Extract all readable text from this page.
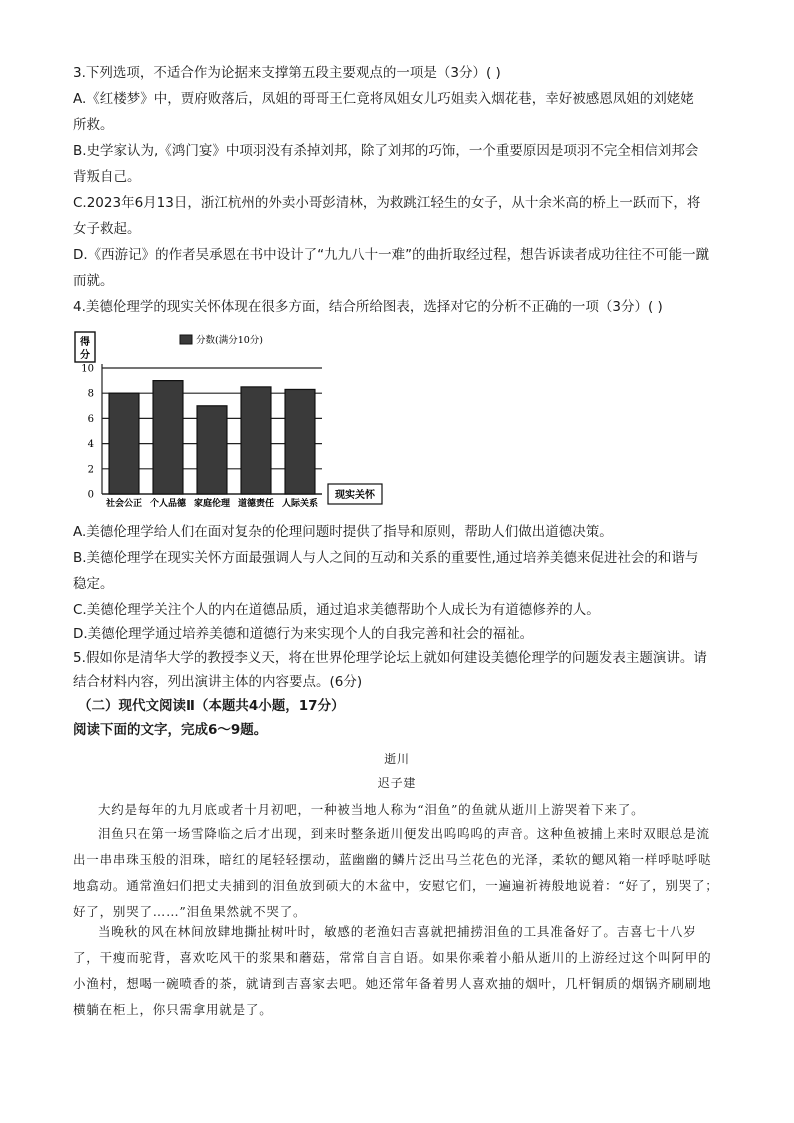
3.下列选项，不适合作为论据来支撑第五段主要观点的一项是（3分）( )
A.《红楼梦》中，贾府败落后，凤姐的哥哥王仁竟将凤姐女儿巧姐卖入烟花巷，幸好被感恩凤姐的刘姥姥
所救。
B.史学家认为,《鸿门宴》中项羽没有杀掉刘邦，除了刘邦的巧饰，一个重要原因是项羽不完全相信刘邦会
背叛自己。
C.2023年6月13日，浙江杭州的外卖小哥彭清林，为救跳江轻生的女子，从十余米高的桥上一跃而下，将
女子救起。
D.《西游记》的作者吴承恩在书中设计了“九九八十一难”的曲折取经过程，想告诉读者成功往往不可能一蹴
而就。
4.美德伦理学的现实关怀体现在很多方面，结合所给图表，选择对它的分析不正确的一项（3分）( )
得
分
分数(满分10分)
现实关怀
0
2
4
6
8
10
社会公正 个人品德 家庭伦理 道德责任 人际关系
A.美德伦理学给人们在面对复杂的伦理问题时提供了指导和原则，帮助人们做出道德决策。
B.美德伦理学在现实关怀方面最强调人与人之间的互动和关系的重要性,通过培养美德来促进社会的和谐与
稳定。
C.美德伦理学关注个人的内在道德品质，通过追求美德帮助个人成长为有道德修养的人。
D.美德伦理学通过培养美德和道德行为来实现个人的自我完善和社会的福祉。
5.假如你是清华大学的教授李义天，将在世界伦理学论坛上就如何建设美德伦理学的问题发表主题演讲。请
结合材料内容，列出演讲主体的内容要点。(6分)
（二）现代文阅读Ⅱ（本题共4小题，17分）
阅读下面的文字，完成6～9题。
逝川
迟子建
大约是每年的九月底或者十月初吧，一种被当地人称为“泪鱼”的鱼就从逝川上游哭着下来了。
泪鱼只在第一场雪降临之后才出现，到来时整条逝川便发出呜呜呜的声音。这种鱼被捕上来时双眼总是流出一串串珠玉般的泪珠，暗红的尾轻轻摆动，蓝幽幽的鳞片泛出马兰花色的光泽，柔软的鳃风箱一样呼哒呼哒地翕动。通常渔妇们把丈夫捕到的泪鱼放到硕大的木盆中，安慰它们，一遍遍祈祷般地说着：“好了，别哭了；好了，别哭了……”泪鱼果然就不哭了。
当晚秋的风在林间放肆地撕扯树叶时，敏感的老渔妇吉喜就把捕捞泪鱼的工具准备好了。吉喜七十八岁了，干瘦而驼背，喜欢吃风干的浆果和蘑菇，常常自言自语。如果你乘着小船从逝川的上游经过这个叫阿甲的小渔村，想喝一碗喷香的茶，就请到吉喜家去吧。她还常年备着男人喜欢抽的烟叶，几杆铜质的烟锅齐刷刷地横躺在柜上，你只需拿用就是了。
